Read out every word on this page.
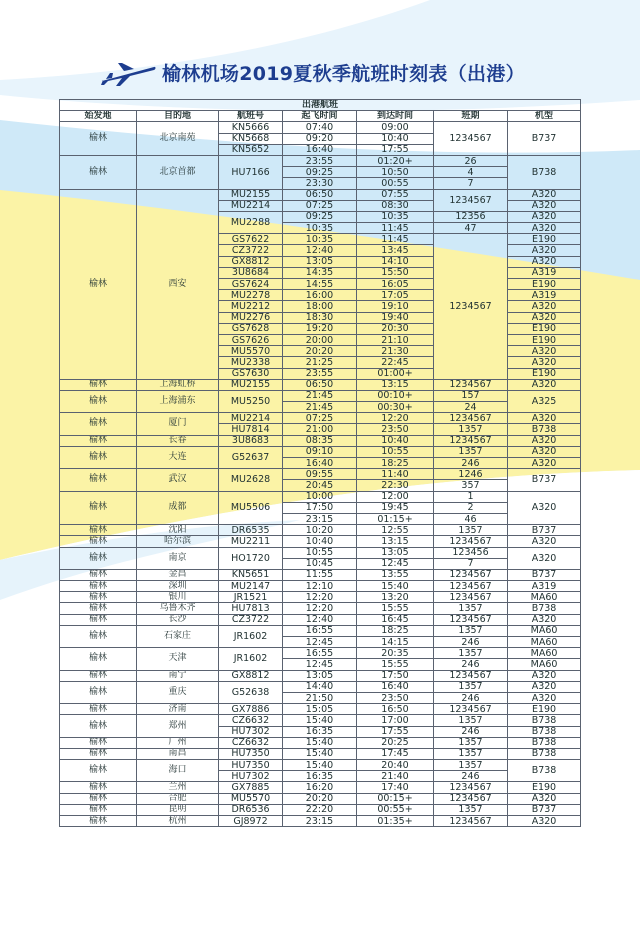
榆林机场2019夏秋季航班时刻表（出港）
出港航班						
始发地	目的地	航班号	起飞时间	到达时间	班期	机型
榆林	北京南苑	KN5666	07:40	09:00	1234567	B737
		KN5668	09:20	10:40		
		KN5652	16:40	17:55		
榆林	北京首都	HU7166	23:55	01:20+	26	B738
			09:25	10:50	4	
			23:30	00:55	7	
榆林	西安	MU2155	06:50	07:55	1234567	A320
		MU2214	07:25	08:30		A320
		MU2288	09:25	10:35	12356	A320
			10:35	11:45	47	A320
		GS7622	10:35	11:45	1234567	E190
		CZ3722	12:40	13:45		A320
		GX8812	13:05	14:10		A320
		3U8684	14:35	15:50		A319
		GS7624	14:55	16:05		E190
		MU2278	16:00	17:05		A319
		MU2212	18:00	19:10		A320
		MU2276	18:30	19:40		A320
		GS7628	19:20	20:30		E190
		GS7626	20:00	21:10		E190
		MU5570	20:20	21:30		A320
		MU2338	21:25	22:45		A320
		GS7630	23:55	01:00+		E190
榆林	上海虹桥	MU2155	06:50	13:15	1234567	A320
榆林	上海浦东	MU5250	21:45	00:10+	157	A325
			21:45	00:30+	24	
榆林	厦门	MU2214	07:25	12:20	1234567	A320
		HU7814	21:00	23:50	1357	B738
榆林	长春	3U8683	08:35	10:40	1234567	A320
榆林	大连	G52637	09:10	10:55	1357	A320
			16:40	18:25	246	A320
榆林	武汉	MU2628	09:55	11:40	1246	B737
			20:45	22:30	357	
榆林	成都	MU5506	10:00	12:00	1	A320
			17:50	19:45	2	
			23:15	01:15+	46	
榆林	沈阳	DR6535	10:20	12:55	1357	B737
榆林	哈尔滨	MU2211	10:40	13:15	1234567	A320
榆林	南京	HO1720	10:55	13:05	123456	A320
			10:45	12:45	7	
榆林	金昌	KN5651	11:55	13:55	1234567	B737
榆林	深圳	MU2147	12:10	15:40	1234567	A319
榆林	银川	JR1521	12:20	13:20	1234567	MA60
榆林	乌鲁木齐	HU7813	12:20	15:55	1357	B738
榆林	长沙	CZ3722	12:40	16:45	1234567	A320
榆林	石家庄	JR1602	16:55	18:25	1357	MA60
			12:45	14:15	246	MA60
榆林	天津	JR1602	16:55	20:35	1357	MA60
			12:45	15:55	246	MA60
榆林	南宁	GX8812	13:05	17:50	1234567	A320
榆林	重庆	G52638	14:40	16:40	1357	A320
			21:50	23:50	246	A320
榆林	济南	GX7886	15:05	16:50	1234567	E190
榆林	郑州	CZ6632	15:40	17:00	1357	B738
		HU7302	16:35	17:55	246	B738
榆林	广州	CZ6632	15:40	20:25	1357	B738
榆林	南昌	HU7350	15:40	17:45	1357	B738
榆林	海口	HU7350	15:40	20:40	1357	B738
		HU7302	16:35	21:40	246	
榆林	兰州	GX7885	16:20	17:40	1234567	E190
榆林	合肥	MU5570	20:20	00:15+	1234567	A320
榆林	昆明	DR6536	22:20	00:55+	1357	B737
榆林	杭州	GJ8972	23:15	01:35+	1234567	A320
